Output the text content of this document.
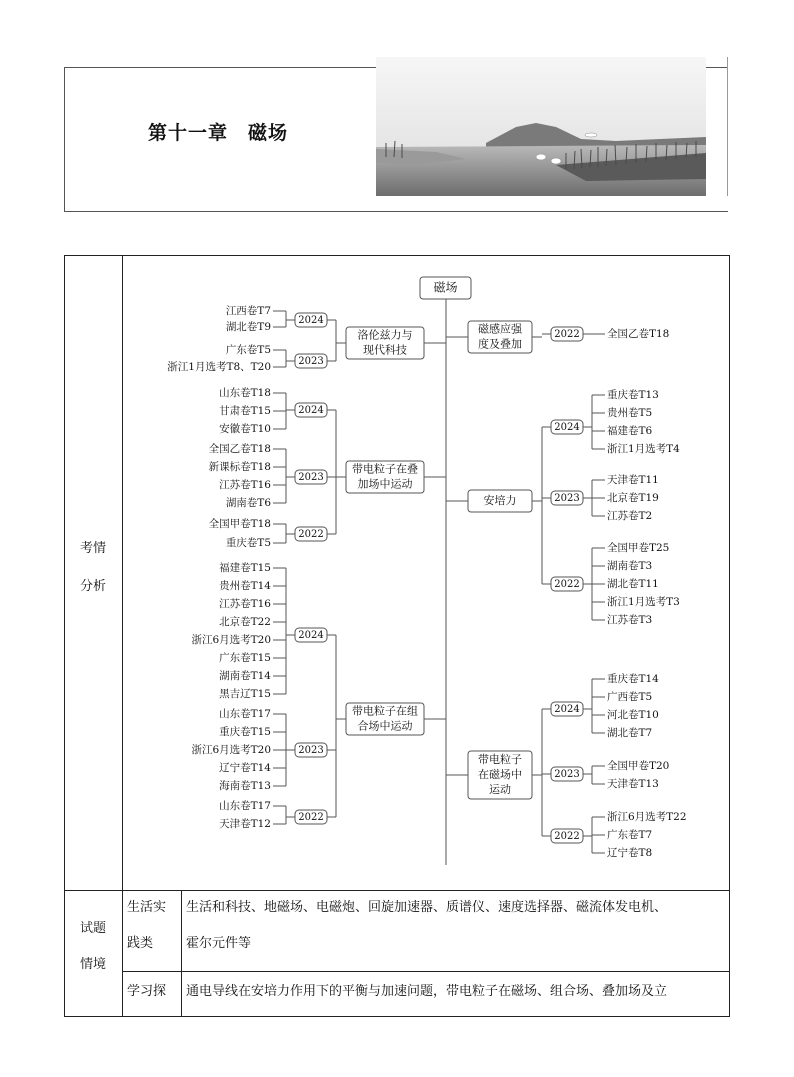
第十一章　磁场
考情
分析
试题
情境
生活实
践类
生活和科技、地磁场、电磁炮、回旋加速器、质谱仪、速度选择器、磁流体发电机、
霍尔元件等
学习探 通电导线在安培力作用下的平衡与加速问题，带电粒子在磁场、组合场、叠加场及立
磁场
洛伦兹力与
现代科技
2024
江西卷T7
湖北卷T9
2023
广东卷T5
浙江1月选考T8、T20
带电粒子在叠
加场中运动
2024
山东卷T18
甘肃卷T15
安徽卷T10
2023
全国乙卷T18
新课标卷T18
江苏卷T16
湖南卷T6
2022
全国甲卷T18
重庆卷T5
带电粒子在组
合场中运动
2024
福建卷T15
贵州卷T14
江苏卷T16
北京卷T22
浙江6月选考T20
广东卷T15
湖南卷T14
黑吉辽T15
2023
山东卷T17
重庆卷T15
浙江6月选考T20
辽宁卷T14
海南卷T13
2022
山东卷T17
天津卷T12
磁感应强
度及叠加
2022	全国乙卷T18
安培力
2024
重庆卷T13
贵州卷T5
福建卷T6
浙江1月选考T4
2023
天津卷T11
北京卷T19
江苏卷T2
2022
全国甲卷T25
湖南卷T3
湖北卷T11
浙江1月选考T3
江苏卷T3
带电粒子
在磁场中
运动
2024
重庆卷T14
广西卷T5
河北卷T10
湖北卷T7
2023
全国甲卷T20
天津卷T13
2022
浙江6月选考T22
广东卷T7
辽宁卷T8
